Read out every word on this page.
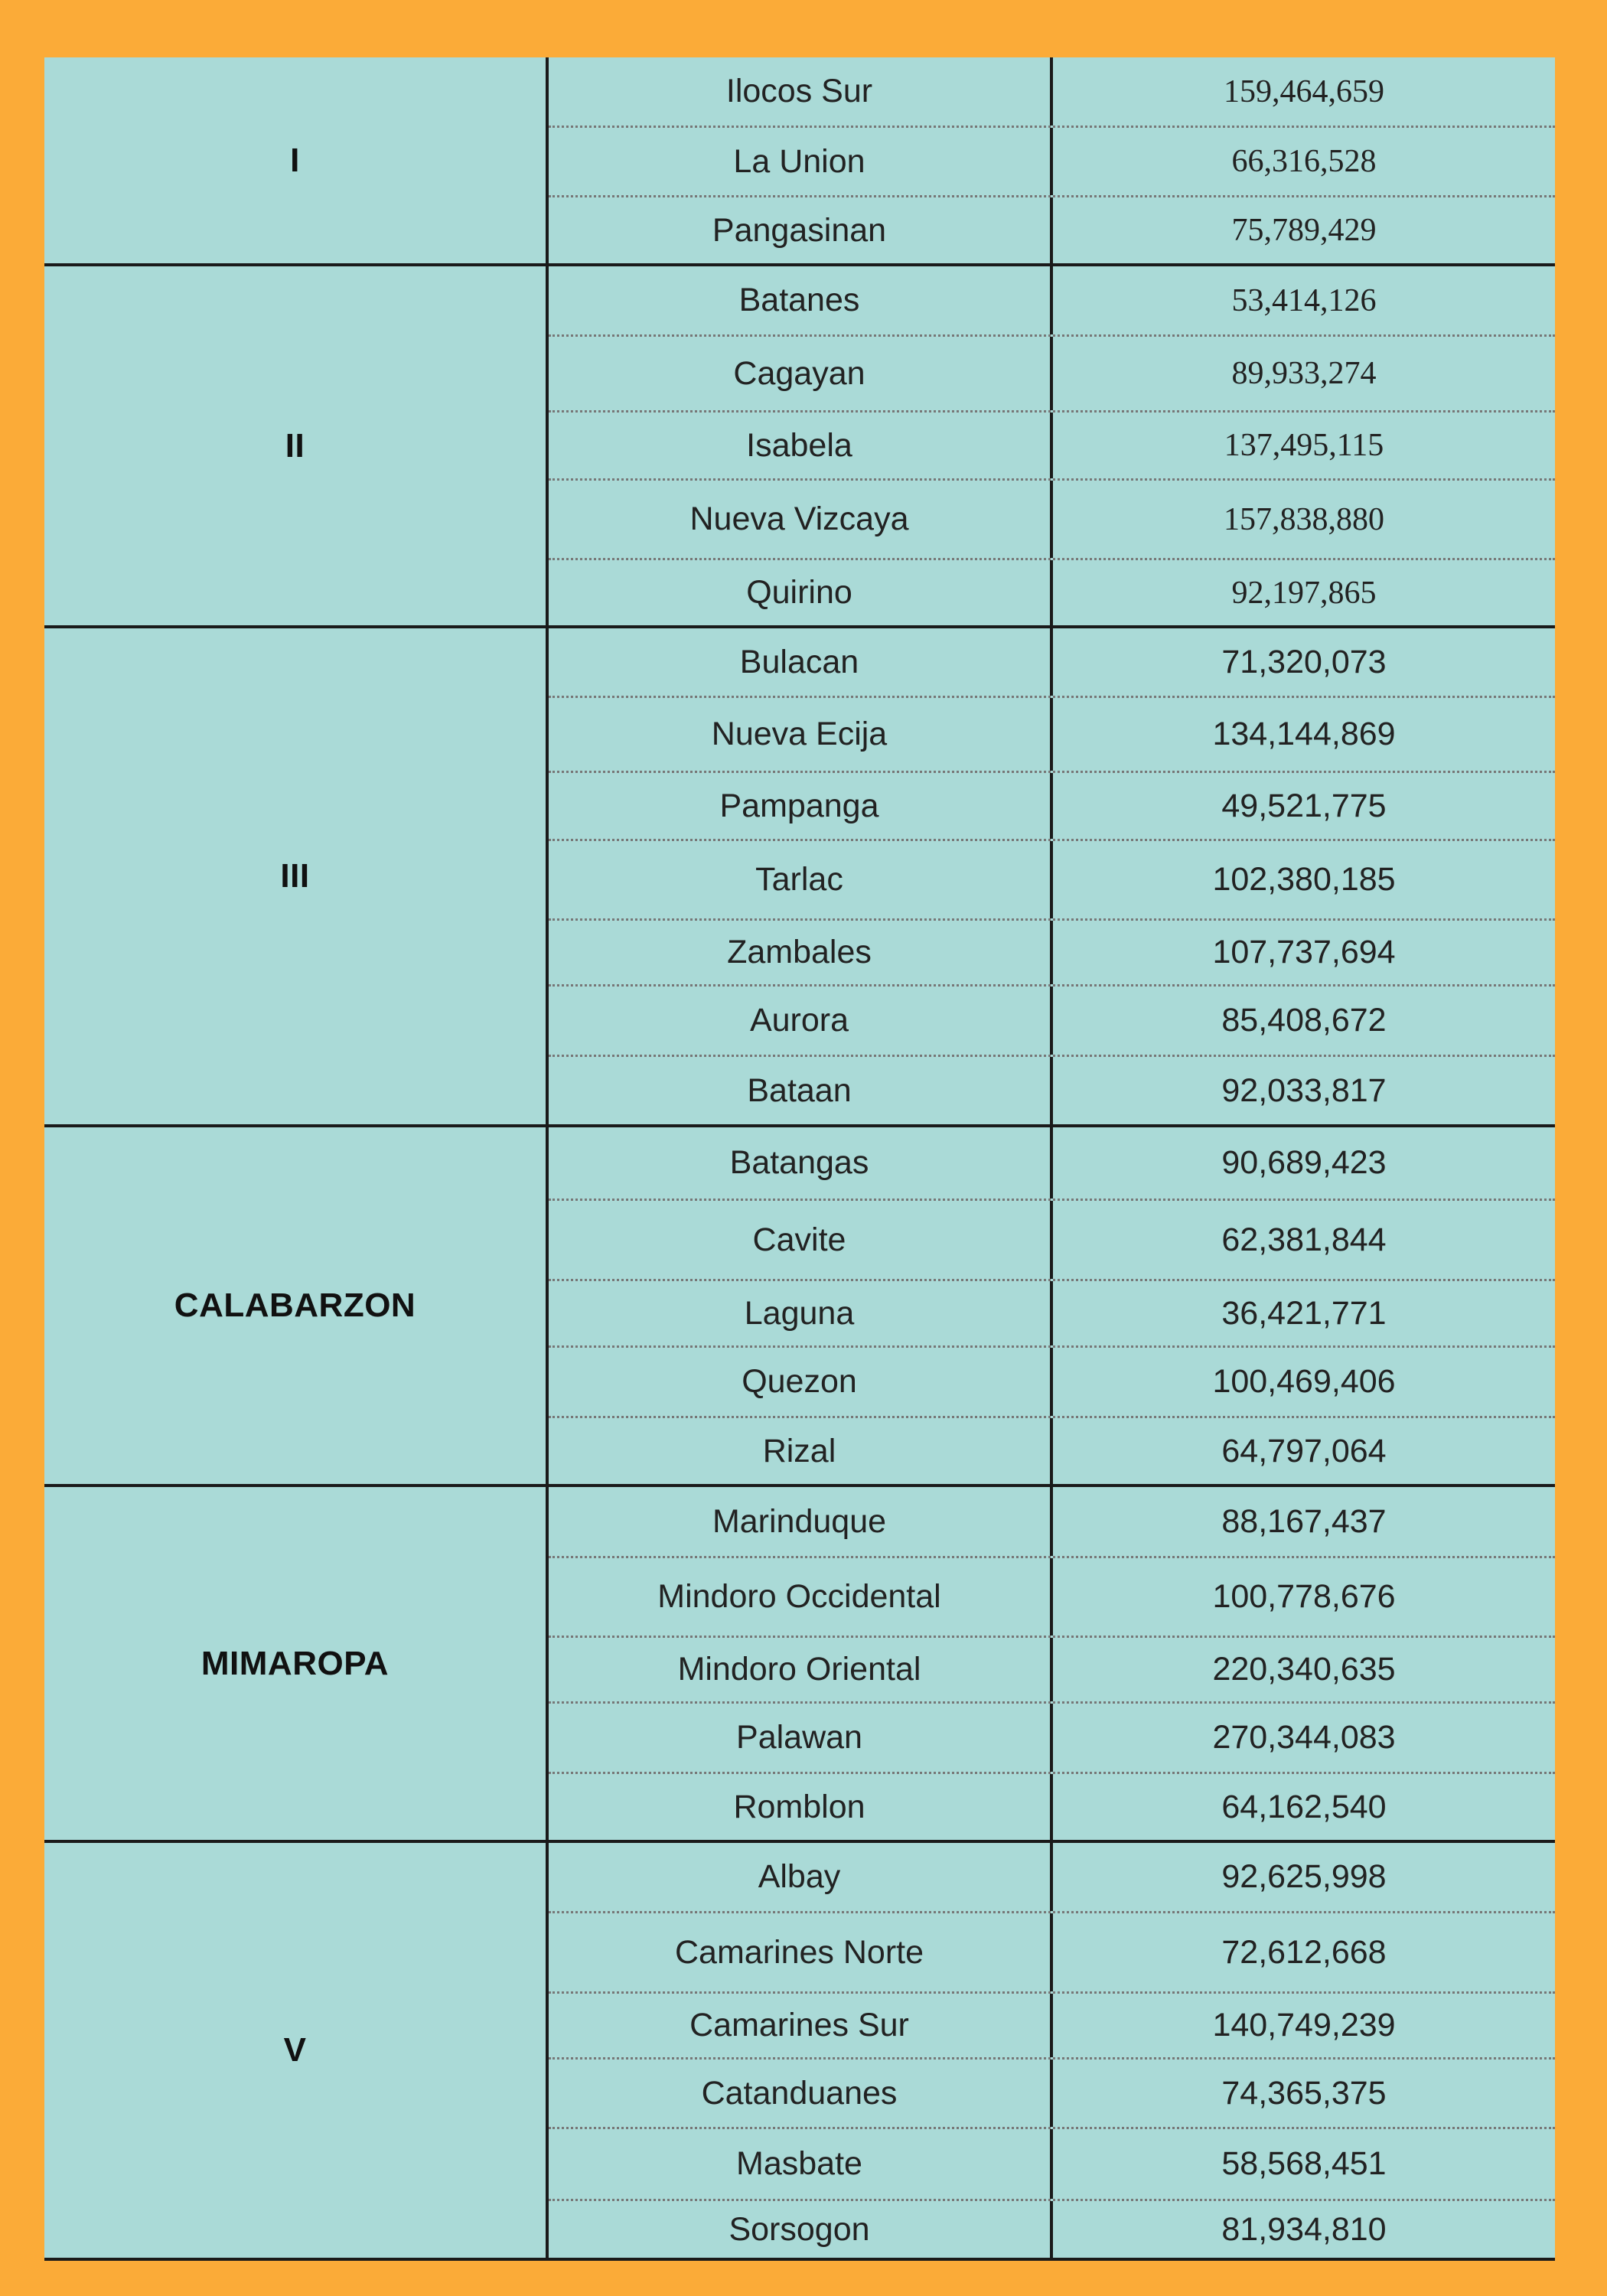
I
Ilocos Sur	159,464,659
La Union	66,316,528
Pangasinan	75,789,429
II
Batanes	53,414,126
Cagayan	89,933,274
Isabela	137,495,115
Nueva Vizcaya	157,838,880
Quirino	92,197,865
III
Bulacan	71,320,073
Nueva Ecija	134,144,869
Pampanga	49,521,775
Tarlac	102,380,185
Zambales	107,737,694
Aurora	85,408,672
Bataan	92,033,817
CALABARZON
Batangas	90,689,423
Cavite	62,381,844
Laguna	36,421,771
Quezon	100,469,406
Rizal	64,797,064
MIMAROPA
Marinduque	88,167,437
Mindoro Occidental	100,778,676
Mindoro Oriental	220,340,635
Palawan	270,344,083
Romblon	64,162,540
V
Albay	92,625,998
Camarines Norte	72,612,668
Camarines Sur	140,749,239
Catanduanes	74,365,375
Masbate	58,568,451
Sorsogon	81,934,810
